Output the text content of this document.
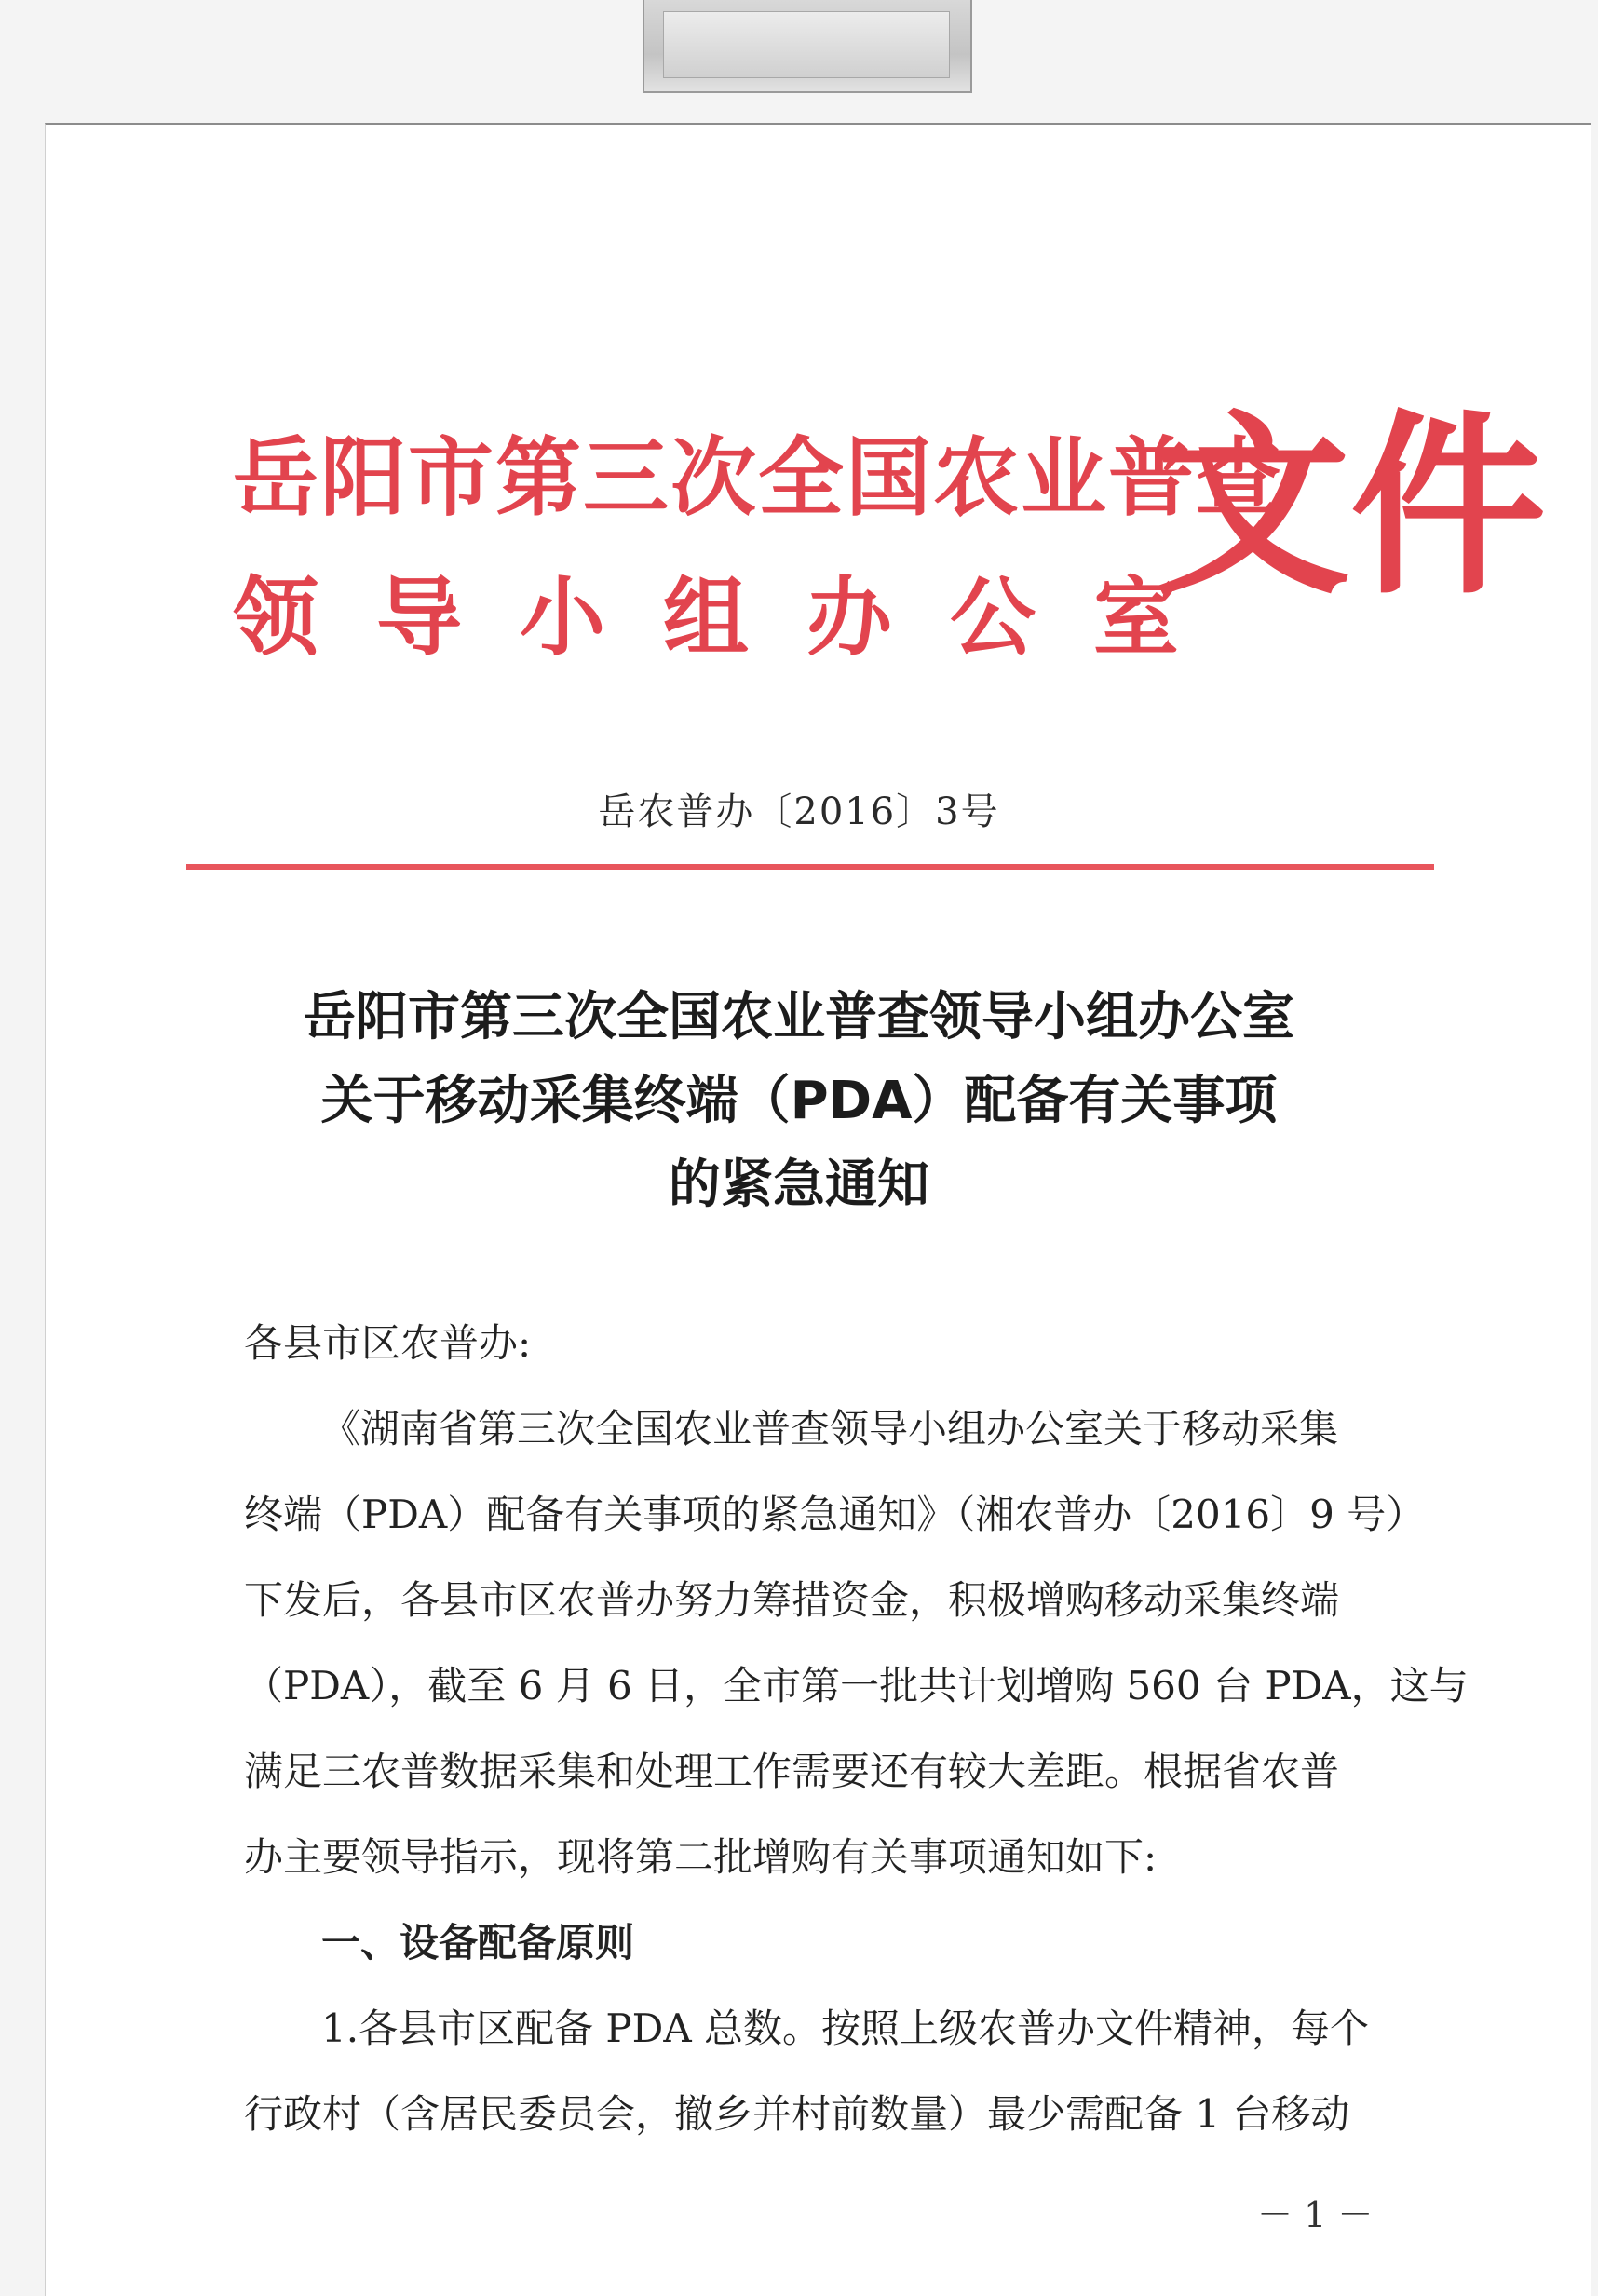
岳阳市第三次全国农业普查
领导小组办公室
文件
岳农普办〔2016〕3号
岳阳市第三次全国农业普查领导小组办公室
关于移动采集终端（PDA）配备有关事项
的紧急通知
各县市区农普办:
《湖南省第三次全国农业普查领导小组办公室关于移动采集
终端（PDA）配备有关事项的紧急通知》（湘农普办〔2016〕9 号）
下发后，各县市区农普办努力筹措资金，积极增购移动采集终端
（PDA），截至 6 月 6 日，全市第一批共计划增购 560 台 PDA，这与
满足三农普数据采集和处理工作需要还有较大差距。根据省农普
办主要领导指示，现将第二批增购有关事项通知如下:
一、设备配备原则
1.各县市区配备 PDA 总数。按照上级农普办文件精神，每个
行政村（含居民委员会，撤乡并村前数量）最少需配备 1 台移动
－ 1 －
